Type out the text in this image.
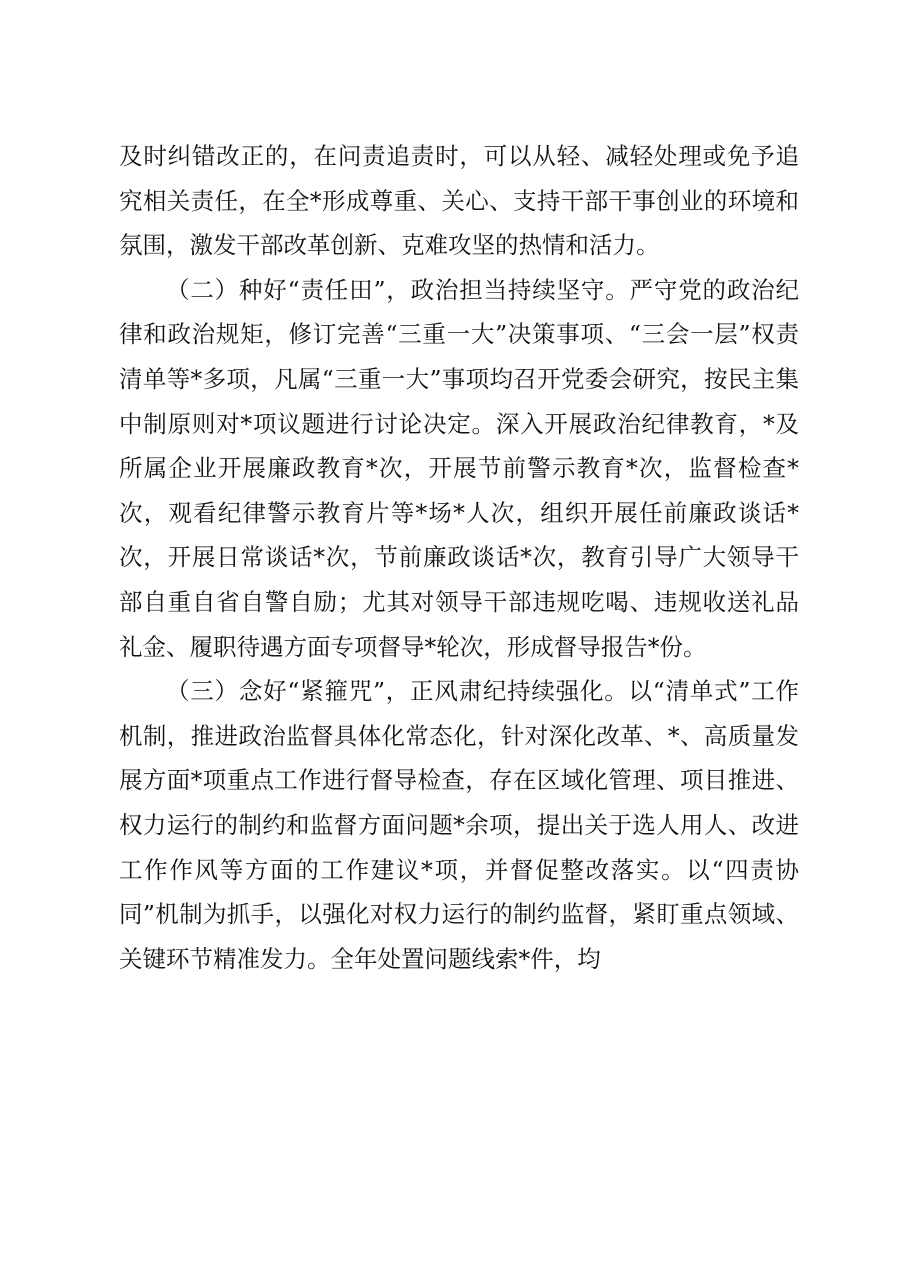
及时纠错改正的，在问责追责时，可以从轻、减轻处理或免予追究相关责任，在全*形成尊重、关心、支持干部干事创业的环境和氛围，激发干部改革创新、克难攻坚的热情和活力。

（二）种好“责任田”，政治担当持续坚守。严守党的政治纪律和政治规矩，修订完善“三重一大”决策事项、“三会一层”权责清单等*多项，凡属“三重一大”事项均召开党委会研究，按民主集中制原则对*项议题进行讨论决定。深入开展政治纪律教育，*及所属企业开展廉政教育*次，开展节前警示教育*次，监督检查*次，观看纪律警示教育片等*场*人次，组织开展任前廉政谈话*次，开展日常谈话*次，节前廉政谈话*次，教育引导广大领导干部自重自省自警自励；尤其对领导干部违规吃喝、违规收送礼品礼金、履职待遇方面专项督导*轮次，形成督导报告*份。

（三）念好“紧箍咒”，正风肃纪持续强化。以“清单式”工作机制，推进政治监督具体化常态化，针对深化改革、*、高质量发展方面*项重点工作进行督导检查，存在区域化管理、项目推进、权力运行的制约和监督方面问题*余项，提出关于选人用人、改进工作作风等方面的工作建议*项，并督促整改落实。以“四责协同”机制为抓手，以强化对权力运行的制约监督，紧盯重点领域、关键环节精准发力。全年处置问题线索*件，均
